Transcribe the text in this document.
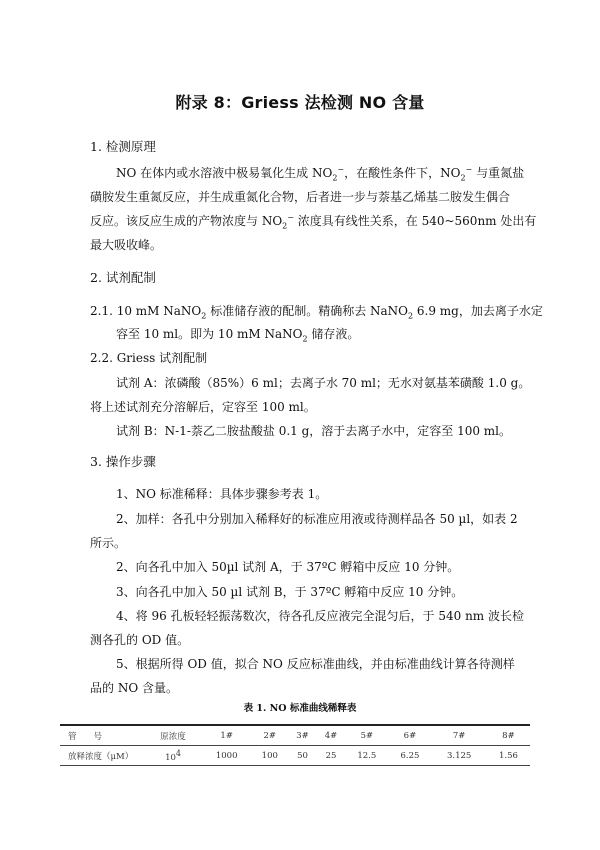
附录 8：Griess 法检测 NO 含量
1. 检测原理
NO 在体内或水溶液中极易氧化生成 $NO_2^-$，在酸性条件下，$NO_2^-$ 与重氮盐
磺胺发生重氮反应，并生成重氮化合物，后者进一步与萘基乙烯基二胺发生偶合
反应。该反应生成的产物浓度与 $NO_2^-$ 浓度具有线性关系，在 540~560nm 处出有
最大吸收峰。
2. 试剂配制
2.1. 10 mM NaNO$_2$ 标准储存液的配制。精确称去 NaNO$_2$ 6.9 mg，加去离子水定
容至 10 ml。即为 10 mM NaNO$_2$ 储存液。
2.2. Griess 试剂配制
试剂 A：浓磷酸（85%）6 ml；去离子水 70 ml；无水对氨基苯磺酸 1.0 g。
将上述试剂充分溶解后，定容至 100 ml。
试剂 B：N-1-萘乙二胺盐酸盐 0.1 g，溶于去离子水中，定容至 100 ml。
3. 操作步骤
1、NO 标准稀释：具体步骤参考表 1。
2、加样：各孔中分别加入稀释好的标准应用液或待测样品各 50 µl，如表 2
所示。
2、向各孔中加入 50µl 试剂 A，于 37ºC 孵箱中反应 10 分钟。
3、向各孔中加入 50 µl 试剂 B，于 37ºC 孵箱中反应 10 分钟。
4、将 96 孔板轻轻振荡数次，待各孔反应液完全混匀后，于 540 nm 波长检
测各孔的 OD 值。
5、根据所得 OD 值，拟合 NO 反应标准曲线，并由标准曲线计算各待测样
品的 NO 含量。
表 1. NO 标准曲线稀释表
管　　号	原浓度	1#	2#	3#	4#	5#	6#	7#	8#
放释浓度（μM）	$10^4$	1000	100	50	25	12.5	6.25	3.125	1.56
